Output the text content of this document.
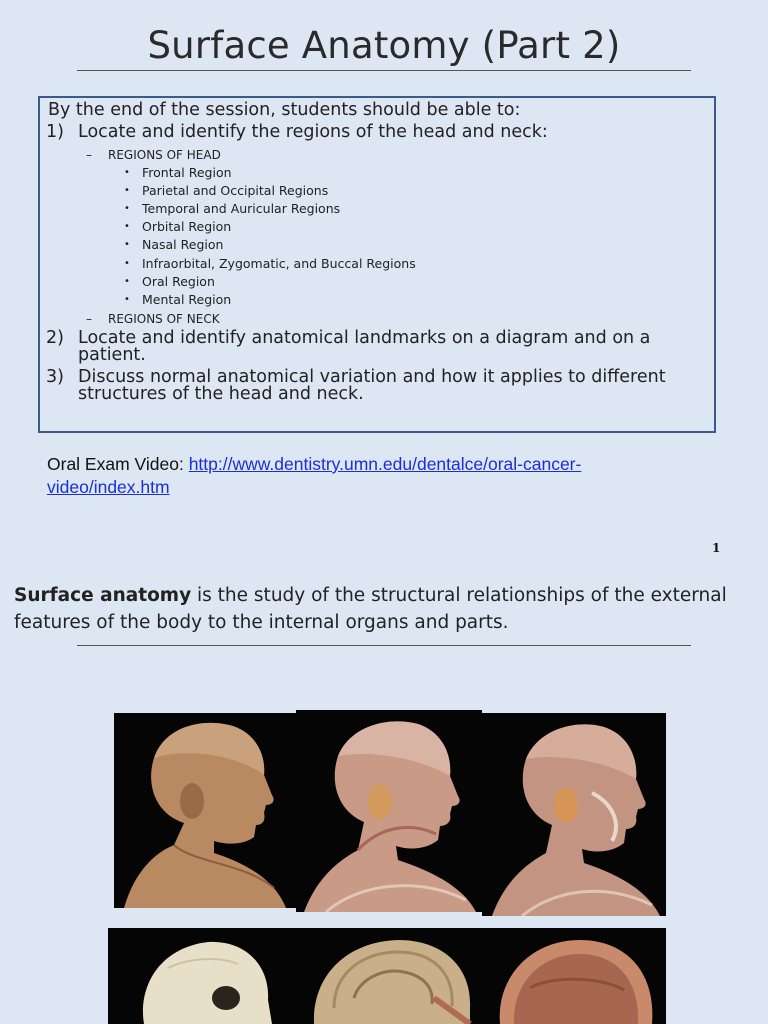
Surface Anatomy (Part 2)
By the end of the session, students should be able to:
1) Locate and identify the regions of the head and neck:
– REGIONS OF HEAD
• Frontal Region
• Parietal and Occipital Regions
• Temporal and Auricular Regions
• Orbital Region
• Nasal Region
• Infraorbital, Zygomatic, and Buccal Regions
• Oral Region
• Mental Region
– REGIONS OF NECK
2) Locate and identify anatomical landmarks on a diagram and on a patient.
3) Discuss normal anatomical variation and how it applies to different structures of the head and neck.
Oral Exam Video: http://www.dentistry.umn.edu/dentalce/oral-cancer-video/index.htm
1
Surface anatomy is the study of the structural relationships of the external features of the body to the internal organs and parts.
